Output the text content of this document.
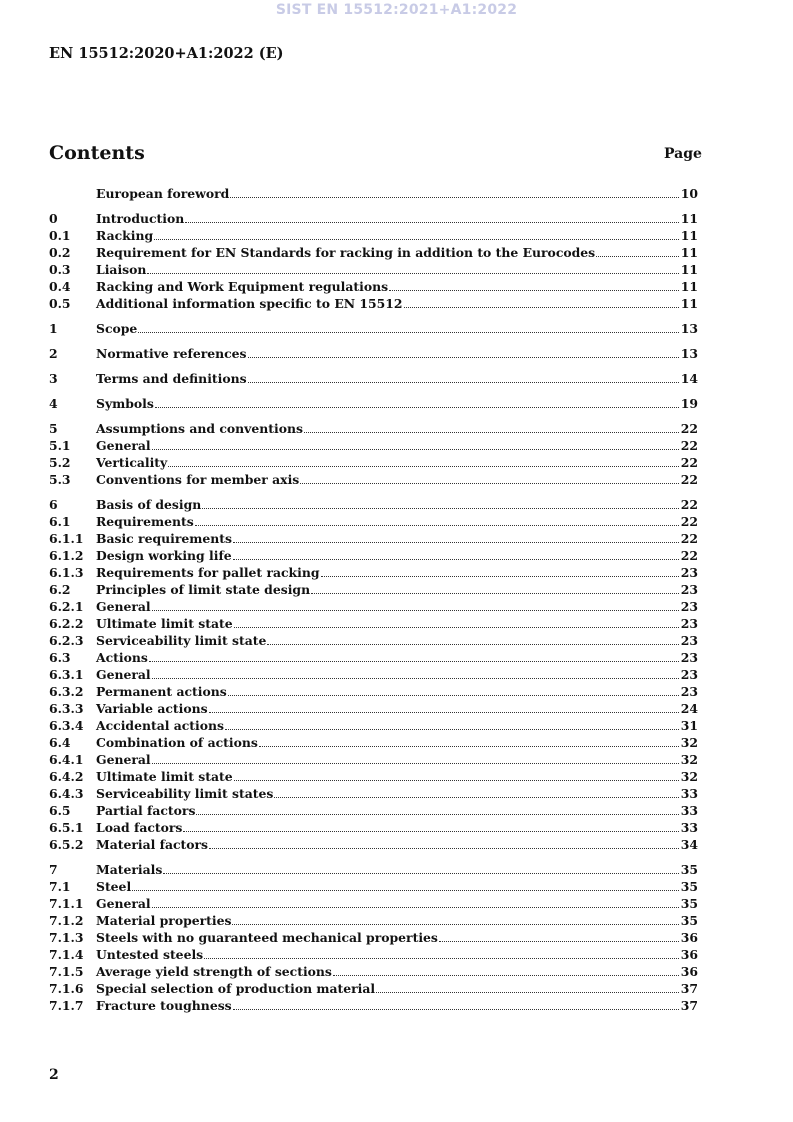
SIST EN 15512:2021+A1:2022
EN 15512:2020+A1:2022 (E)
Contents	Page
European foreword	10
0	Introduction	11
0.1	Racking	11
0.2	Requirement for EN Standards for racking in addition to the Eurocodes	11
0.3	Liaison	11
0.4	Racking and Work Equipment regulations	11
0.5	Additional information specific to EN 15512	11
1	Scope	13
2	Normative references	13
3	Terms and definitions	14
4	Symbols	19
5	Assumptions and conventions	22
5.1	General	22
5.2	Verticality	22
5.3	Conventions for member axis	22
6	Basis of design	22
6.1	Requirements	22
6.1.1	Basic requirements	22
6.1.2	Design working life	22
6.1.3	Requirements for pallet racking	23
6.2	Principles of limit state design	23
6.2.1	General	23
6.2.2	Ultimate limit state	23
6.2.3	Serviceability limit state	23
6.3	Actions	23
6.3.1	General	23
6.3.2	Permanent actions	23
6.3.3	Variable actions	24
6.3.4	Accidental actions	31
6.4	Combination of actions	32
6.4.1	General	32
6.4.2	Ultimate limit state	32
6.4.3	Serviceability limit states	33
6.5	Partial factors	33
6.5.1	Load factors	33
6.5.2	Material factors	34
7	Materials	35
7.1	Steel	35
7.1.1	General	35
7.1.2	Material properties	35
7.1.3	Steels with no guaranteed mechanical properties	36
7.1.4	Untested steels	36
7.1.5	Average yield strength of sections	36
7.1.6	Special selection of production material	37
7.1.7	Fracture toughness	37
2
